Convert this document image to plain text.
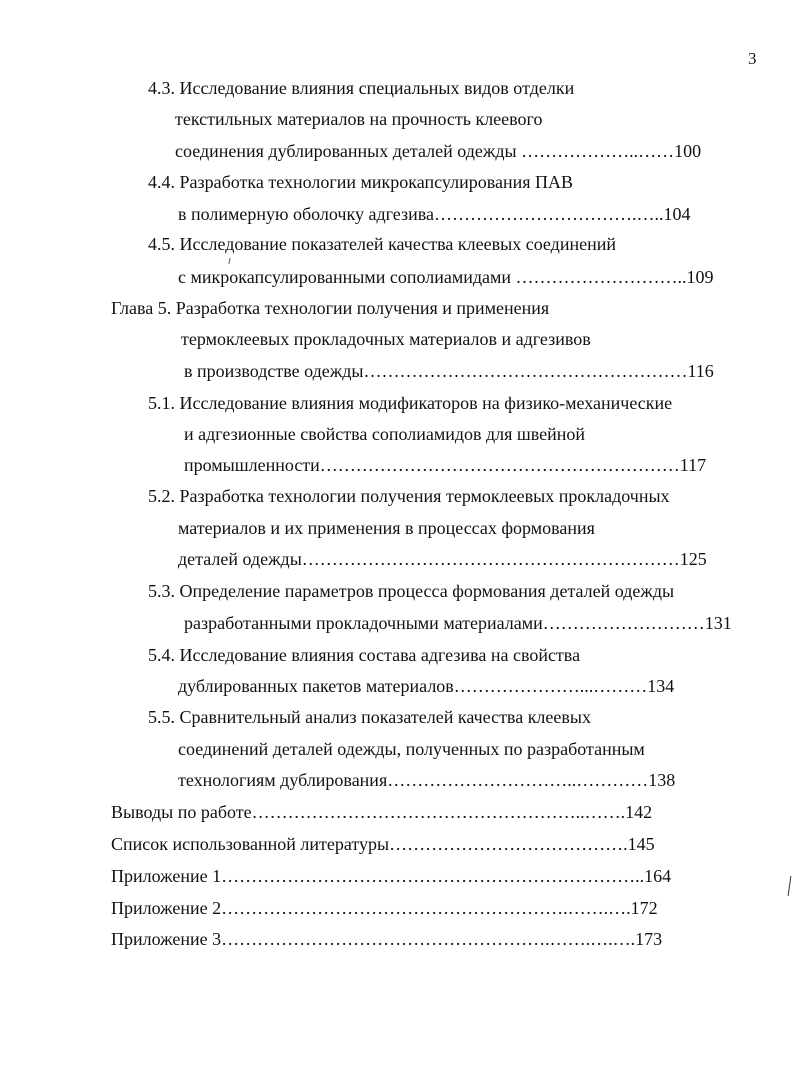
3
4.3. Исследование влияния специальных видов отделки
текстильных материалов на прочность клеевого
соединения дублированных деталей одежды ………………..……100
4.4. Разработка технологии микрокапсулирования ПАВ
в полимерную оболочку адгезива…………………………….…..104
4.5. Исследование показателей качества клеевых соединений
с микрокапсулированными сополиамидами ………………………..109
Глава 5. Разработка технологии получения и применения
термоклеевых прокладочных материалов и адгезивов
в производстве одежды………………………………………………116
5.1. Исследование влияния модификаторов на физико-механические
и адгезионные свойства сополиамидов для швейной
промышленности……………………………………………………117
5.2. Разработка технологии получения термоклеевых прокладочных
материалов и их применения в процессах формования
деталей одежды………………………………………………………125
5.3. Определение параметров процесса формования деталей одежды
разработанными прокладочными материалами………………………131
5.4. Исследование влияния состава адгезива на свойства
дублированных пакетов материалов…………………...………134
5.5. Сравнительный анализ показателей качества клеевых
соединений деталей одежды, полученных по разработанным
технологиям дублирования…………………………..…………138
Выводы по работе………………………………………………..…….142
Список использованной литературы………………………………….145
Приложение 1……………………………………………………………..164
Приложение 2………………………………………………….…….….172
Приложение 3……………………………………………….…….….….173
